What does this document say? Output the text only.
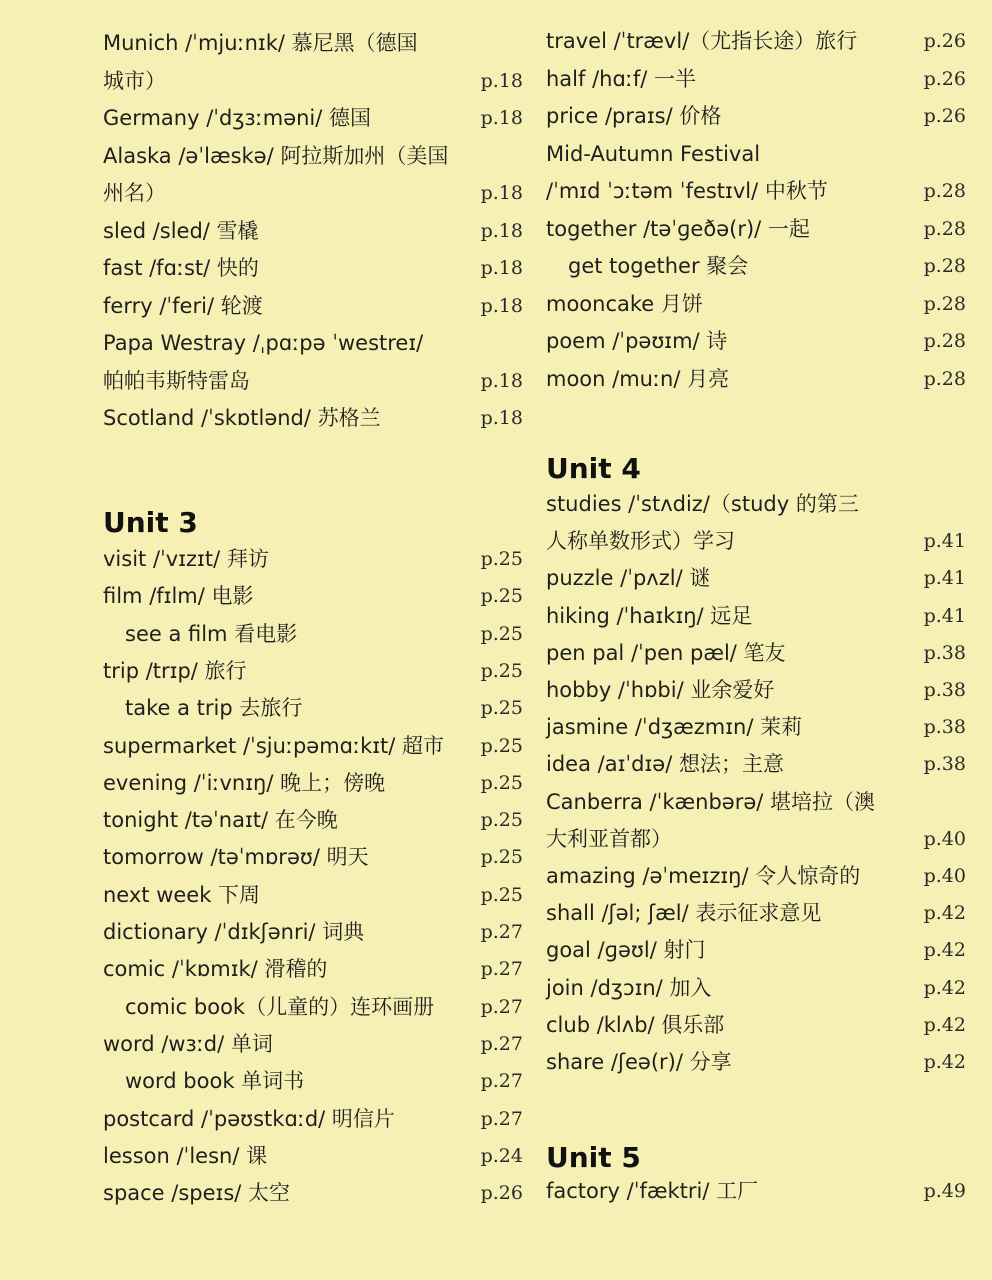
Munich /ˈmjuːnɪk/ 慕尼黑（德国
城市）	p.18
Germany /ˈdʒɜːməni/ 德国	p.18
Alaska /əˈlæskə/ 阿拉斯加州（美国
州名）	p.18
sled /sled/ 雪橇	p.18
fast /fɑːst/ 快的	p.18
ferry /ˈferi/ 轮渡	p.18
Papa Westray /ˌpɑːpə ˈwestreɪ/
帕帕韦斯特雷岛	p.18
Scotland /ˈskɒtlənd/ 苏格兰	p.18
Unit 3
visit /ˈvɪzɪt/ 拜访	p.25
film /fɪlm/ 电影	p.25
see a film 看电影	p.25
trip /trɪp/ 旅行	p.25
take a trip 去旅行	p.25
supermarket /ˈsjuːpəmɑːkɪt/ 超市 p.25
evening /ˈiːvnɪŋ/ 晚上；傍晚	p.25
tonight /təˈnaɪt/ 在今晚	p.25
tomorrow /təˈmɒrəʊ/ 明天	p.25
next week 下周	p.25
dictionary /ˈdɪkʃənri/ 词典	p.27
comic /ˈkɒmɪk/ 滑稽的	p.27
comic book（儿童的）连环画册 p.27
word /wɜːd/ 单词	p.27
word book 单词书	p.27
postcard /ˈpəʊstkɑːd/ 明信片	p.27
lesson /ˈlesn/ 课	p.24
space /speɪs/ 太空	p.26
travel /ˈtrævl/（尤指长途）旅行	p.26
half /hɑːf/ 一半	p.26
price /praɪs/ 价格	p.26
Mid-Autumn Festival
/ˈmɪd ˈɔːtəm ˈfestɪvl/ 中秋节	p.28
together /təˈɡeðə(r)/ 一起	p.28
get together 聚会	p.28
mooncake 月饼	p.28
poem /ˈpəʊɪm/ 诗	p.28
moon /muːn/ 月亮	p.28
Unit 4
studies /ˈstʌdiz/（study 的第三
人称单数形式）学习	p.41
puzzle /ˈpʌzl/ 谜	p.41
hiking /ˈhaɪkɪŋ/ 远足	p.41
pen pal /ˈpen pæl/ 笔友	p.38
hobby /ˈhɒbi/ 业余爱好	p.38
jasmine /ˈdʒæzmɪn/ 茉莉	p.38
idea /aɪˈdɪə/ 想法；主意	p.38
Canberra /ˈkænbərə/ 堪培拉（澳
大利亚首都）	p.40
amazing /əˈmeɪzɪŋ/ 令人惊奇的	p.40
shall /ʃəl; ʃæl/ 表示征求意见	p.42
goal /ɡəʊl/ 射门	p.42
join /dʒɔɪn/ 加入	p.42
club /klʌb/ 俱乐部	p.42
share /ʃeə(r)/ 分享	p.42
Unit 5
factory /ˈfæktri/ 工厂	p.49
